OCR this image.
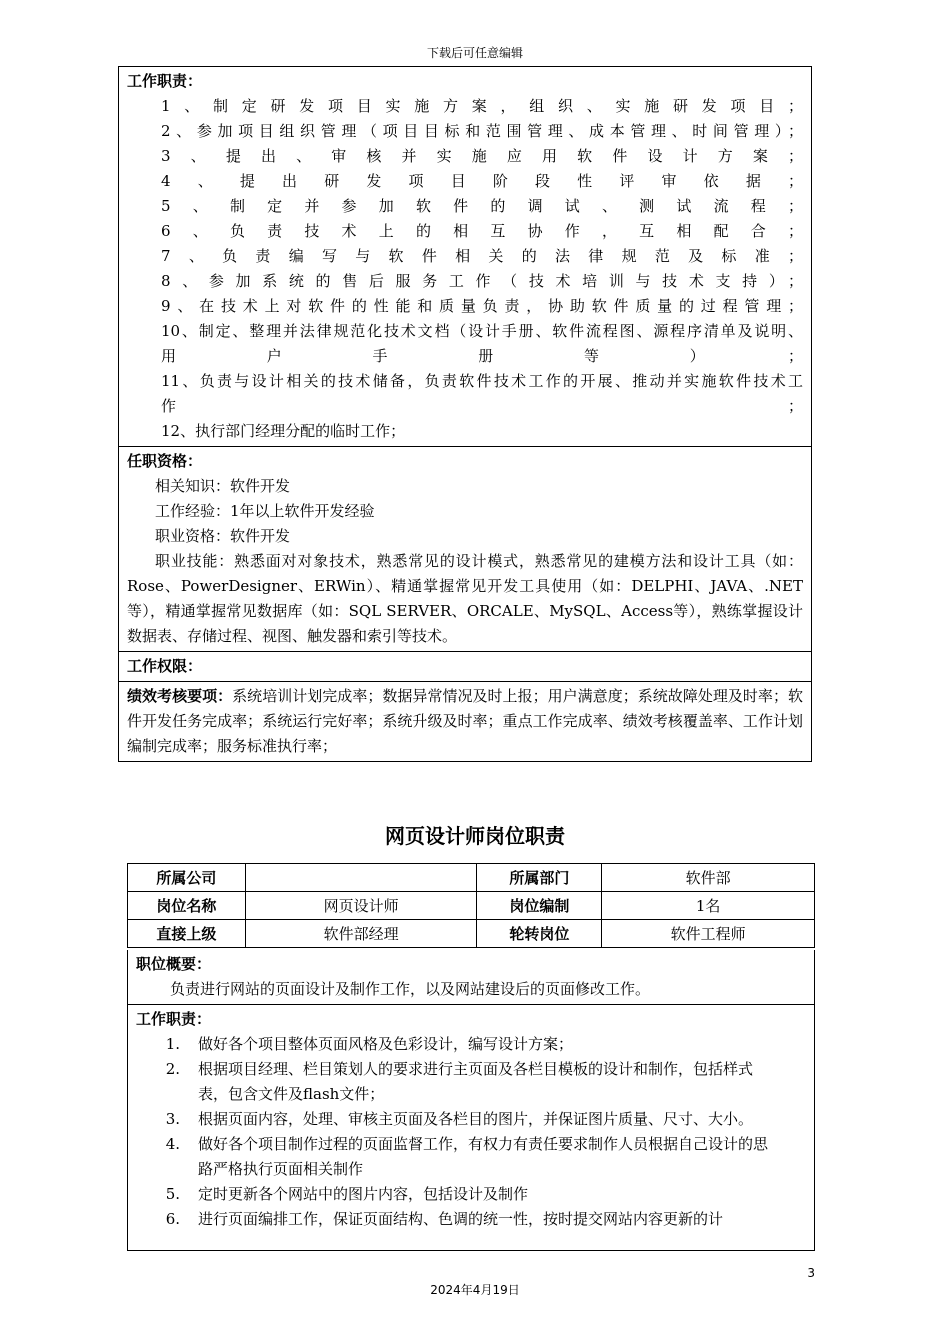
下载后可任意编辑
工作职责：
1、制定研发项目实施方案，组织、实施研发项目；
2、参加项目组织管理（项目目标和范围管理、成本管理、时间管理）；
3、提出、审核并实施应用软件设计方案；
4、提出研发项目阶段性评审依据；
5、制定并参加软件的调试、测试流程；
6、负责技术上的相互协作，互相配合；
7、负责编写与软件相关的法律规范及标准；
8、参加系统的售后服务工作（技术培训与技术支持）；
9、在技术上对软件的性能和质量负责，协助软件质量的过程管理；
10、制定、整理并法律规范化技术文档（设计手册、软件流程图、源程序清单及说明、
用户手册等）；
11、负责与设计相关的技术储备，负责软件技术工作的开展、推动并实施软件技术工
作；
12、执行部门经理分配的临时工作；
任职资格：
相关知识：软件开发
工作经验：1年以上软件开发经验
职业资格：软件开发
职业技能：熟悉面对对象技术，熟悉常见的设计模式，熟悉常见的建模方法和设计工具（如：Rose、PowerDesigner、ERWin）、精通掌握常见开发工具使用（如：DELPHI、JAVA、.NET等），精通掌握常见数据库（如：SQL SERVER、ORCALE、MySQL、Access等），熟练掌握设计数据表、存储过程、视图、触发器和索引等技术。
工作权限：
绩效考核要项：系统培训计划完成率；数据异常情况及时上报；用户满意度；系统故障处理及时率；软件开发任务完成率；系统运行完好率；系统升级及时率；重点工作完成率、绩效考核覆盖率、工作计划编制完成率；服务标准执行率；
网页设计师岗位职责
所属公司		所属部门	软件部
岗位名称	网页设计师	岗位编制	1名
直接上级	软件部经理	轮转岗位	软件工程师
职位概要：
负责进行网站的页面设计及制作工作，以及网站建设后的页面修改工作。
工作职责：
1.	做好各个项目整体页面风格及色彩设计，编写设计方案；
2.	根据项目经理、栏目策划人的要求进行主页面及各栏目模板的设计和制作，包括样式表，包含文件及flash文件；
3.	根据页面内容，处理、审核主页面及各栏目的图片，并保证图片质量、尺寸、大小。
4.	做好各个项目制作过程的页面监督工作，有权力有责任要求制作人员根据自己设计的思路严格执行页面相关制作
5.	定时更新各个网站中的图片内容，包括设计及制作
6.	进行页面编排工作，保证页面结构、色调的统一性，按时提交网站内容更新的计
3
2024年4月19日
